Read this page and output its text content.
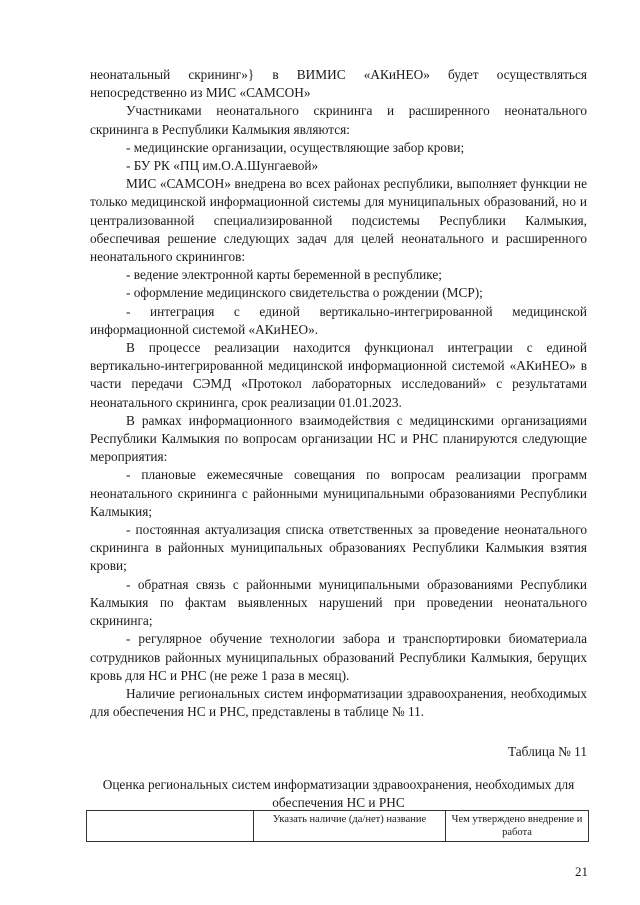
неонатальный скрининг»} в ВИМИС «АКиНЕО» будет осуществляться непосредственно из МИС «САМСОН»

Участниками неонатального скрининга и расширенного неонатального скрининга в Республики Калмыкия являются:

- медицинские организации, осуществляющие забор крови;

- БУ РК «ПЦ им.О.А.Шунгаевой»

МИС «САМСОН» внедрена во всех районах республики, выполняет функции не только медицинской информационной системы для муниципальных образований, но и централизованной специализированной подсистемы Республики Калмыкия, обеспечивая решение следующих задач для целей неонатального и расширенного неонатального скринингов:

- ведение электронной карты беременной в республике;

- оформление медицинского свидетельства о рождении (МСР);

- интеграция с единой вертикально-интегрированной медицинской информационной системой «АКиНЕО».

В процессе реализации находится функционал интеграции с единой вертикально-интегрированной медицинской информационной системой «АКиНЕО» в части передачи СЭМД «Протокол лабораторных исследований» с результатами неонатального скрининга, срок реализации 01.01.2023.

В рамках информационного взаимодействия с медицинскими организациями Республики Калмыкия по вопросам организации НС и РНС планируются следующие мероприятия:

- плановые ежемесячные совещания по вопросам реализации программ неонатального скрининга с районными муниципальными образованиями Республики Калмыкия;

- постоянная актуализация списка ответственных за проведение неонатального скрининга в районных муниципальных образованиях Республики Калмыкия взятия крови;

- обратная связь с районными муниципальными образованиями Республики Калмыкия по фактам выявленных нарушений при проведении неонатального скрининга;

- регулярное обучение технологии забора и транспортировки биоматериала сотрудников районных муниципальных образований Республики Калмыкия, берущих кровь для НС и РНС (не реже 1 раза в месяц).

Наличие региональных систем информатизации здравоохранения, необходимых для обеспечения НС и РНС, представлены в таблице № 11.

Таблица № 11

Оценка региональных систем информатизации здравоохранения, необходимых для обеспечения НС и РНС

	Указать наличие (да/нет) название	Чем утверждено внедрение и работа
21
